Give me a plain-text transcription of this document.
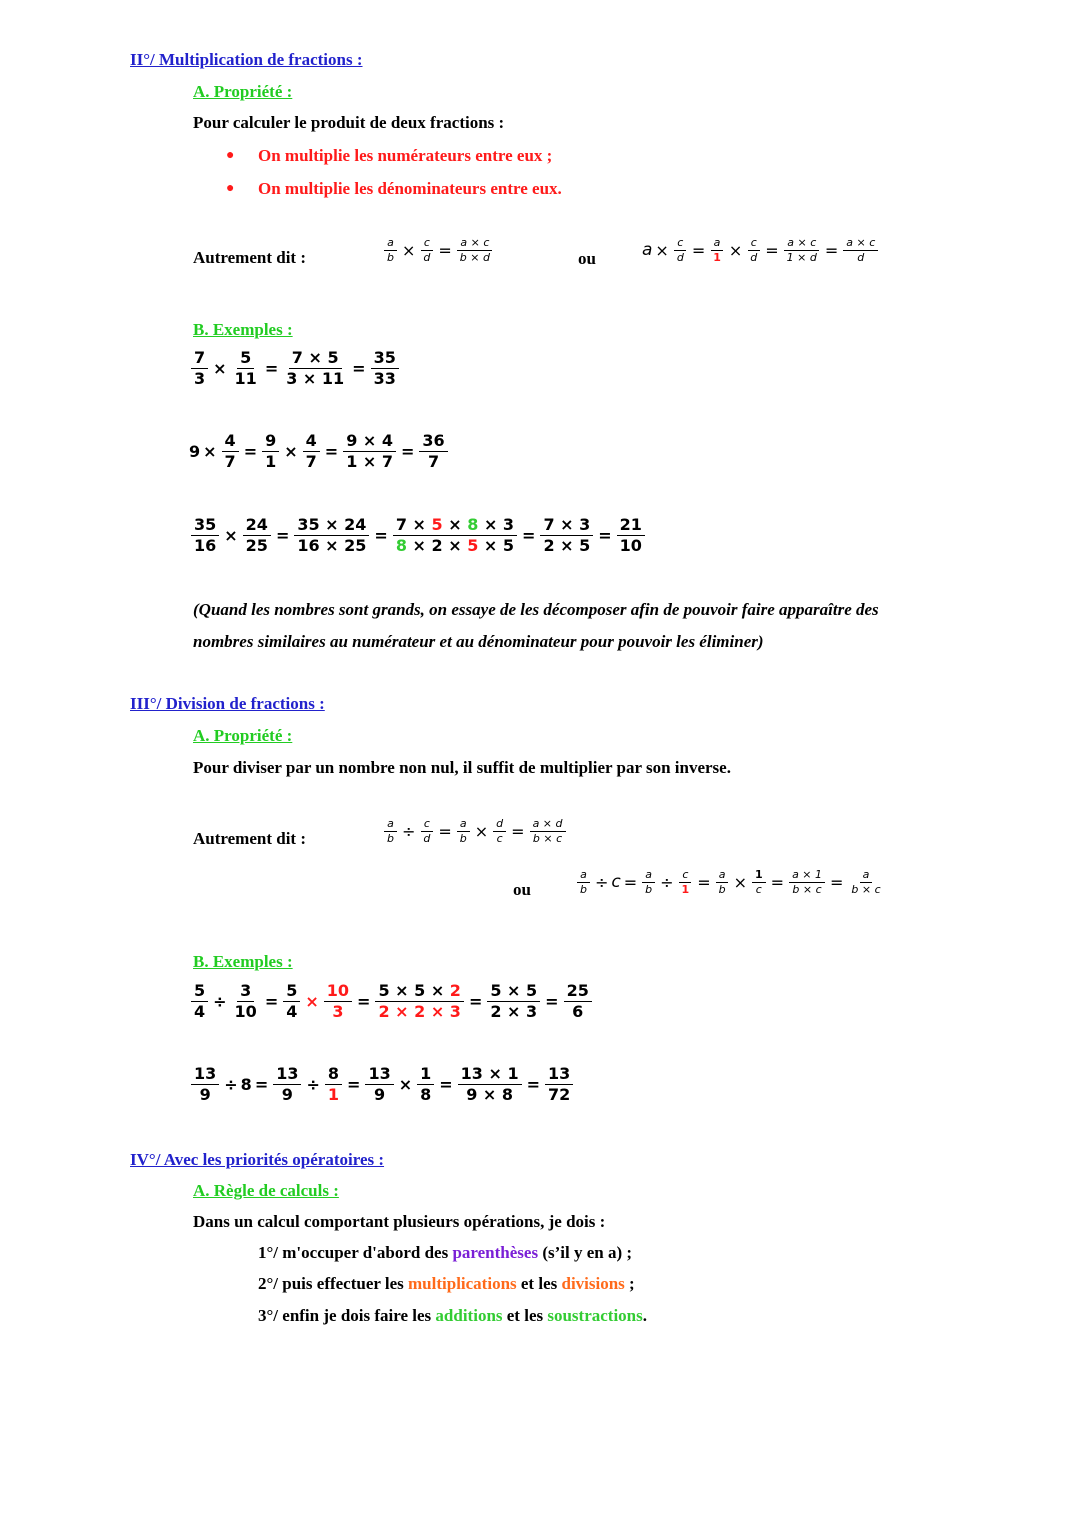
II°/ Multiplication de fractions :
A. Propriété :
Pour calculer le produit de deux fractions :
● On multiplie les numérateurs entre eux ;
● On multiplie les dénominateurs entre eux.
Autrement dit :	$\frac{a}{b} \times \frac{c}{d} = \frac{a \times c}{b \times d}$	ou	$a \times \frac{c}{d} = \frac{a}{1} \times \frac{c}{d} = \frac{a \times c}{1 \times d} = \frac{a \times c}{d}$
B. Exemples :
$\frac{7}{3} \times \frac{5}{11} = \frac{7 \times 5}{3 \times 11} = \frac{35}{33}$
$9 \times \frac{4}{7} = \frac{9}{1} \times \frac{4}{7} = \frac{9 \times 4}{1 \times 7} = \frac{36}{7}$
$\frac{35}{16} \times \frac{24}{25} = \frac{35 \times 24}{16 \times 25} = \frac{7 \times 5 \times 8 \times 3}{8 \times 2 \times 5 \times 5} = \frac{7 \times 3}{2 \times 5} = \frac{21}{10}$
(Quand les nombres sont grands, on essaye de les décomposer afin de pouvoir faire apparaître des
nombres similaires au numérateur et au dénominateur pour pouvoir les éliminer)
III°/ Division de fractions :
A. Propriété :
Pour diviser par un nombre non nul, il suffit de multiplier par son inverse.
Autrement dit :	$\frac{a}{b} \div \frac{c}{d} = \frac{a}{b} \times \frac{d}{c} = \frac{a \times d}{b \times c}$
ou	$\frac{a}{b} \div c = \frac{a}{b} \div \frac{c}{1} = \frac{a}{b} \times \frac{1}{c} = \frac{a \times 1}{b \times c} = \frac{a}{b \times c}$
B. Exemples :
$\frac{5}{4} \div \frac{3}{10} = \frac{5}{4} \times \frac{10}{3} = \frac{5 \times 5 \times 2}{2 \times 2 \times 3} = \frac{5 \times 5}{2 \times 3} = \frac{25}{6}$
$\frac{13}{9} \div 8 = \frac{13}{9} \div \frac{8}{1} = \frac{13}{9} \times \frac{1}{8} = \frac{13 \times 1}{9 \times 8} = \frac{13}{72}$
IV°/ Avec les priorités opératoires :
A. Règle de calculs :
Dans un calcul comportant plusieurs opérations, je dois :
1°/ m'occuper d'abord des parenthèses (s’il y en a) ;
2°/ puis effectuer les multiplications et les divisions ;
3°/ enfin je dois faire les additions et les soustractions.
